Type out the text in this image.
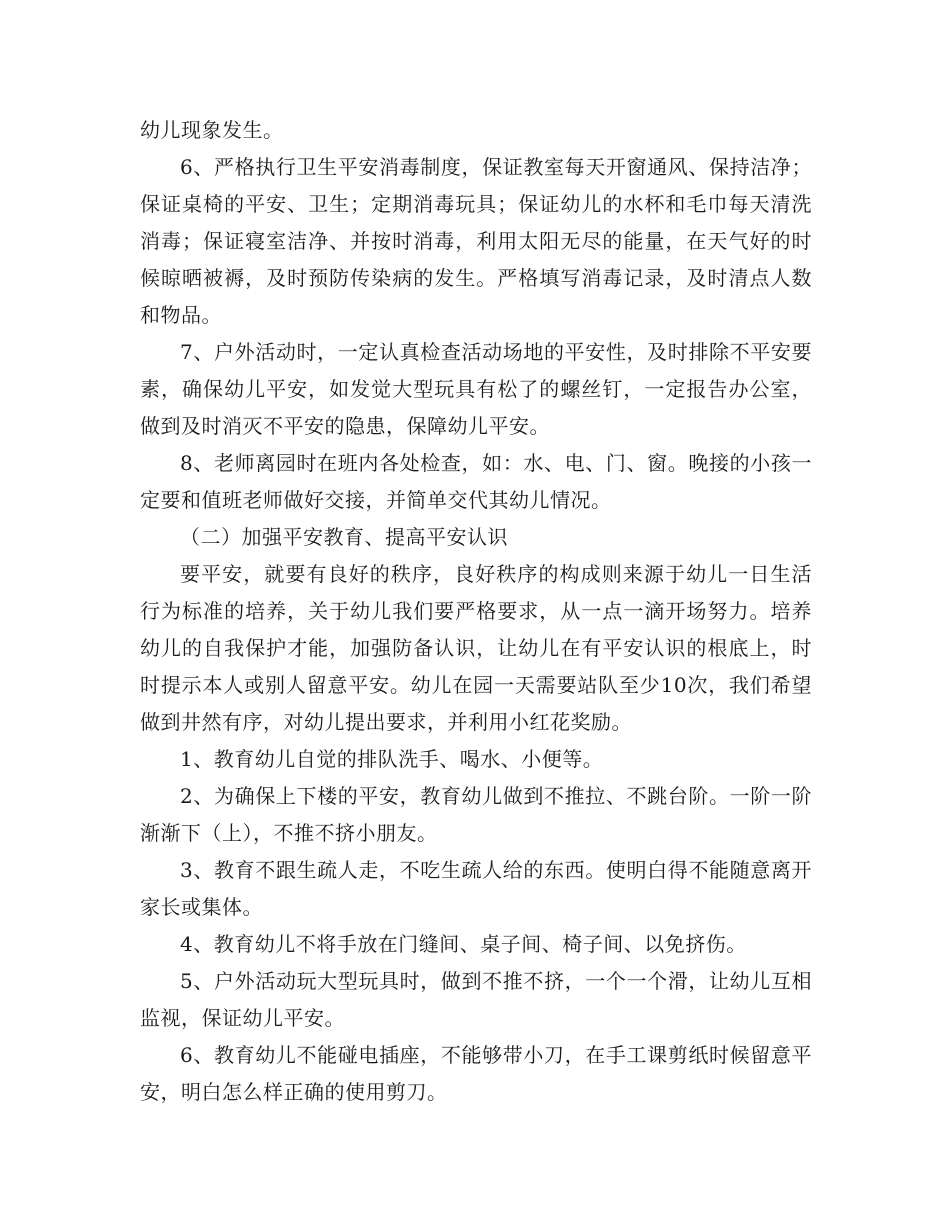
幼儿现象发生。

6、严格执行卫生平安消毒制度，保证教室每天开窗通风、保持洁净；保证桌椅的平安、卫生；定期消毒玩具；保证幼儿的水杯和毛巾每天清洗消毒；保证寝室洁净、并按时消毒，利用太阳无尽的能量，在天气好的时候晾晒被褥，及时预防传染病的发生。严格填写消毒记录，及时清点人数和物品。

7、户外活动时，一定认真检查活动场地的平安性，及时排除不平安要素，确保幼儿平安，如发觉大型玩具有松了的螺丝钉，一定报告办公室，做到及时消灭不平安的隐患，保障幼儿平安。

8、老师离园时在班内各处检查，如：水、电、门、窗。晚接的小孩一定要和值班老师做好交接，并简单交代其幼儿情况。

（二）加强平安教育、提高平安认识

要平安，就要有良好的秩序，良好秩序的构成则来源于幼儿一日生活行为标准的培养，关于幼儿我们要严格要求，从一点一滴开场努力。培养幼儿的自我保护才能，加强防备认识，让幼儿在有平安认识的根底上，时时提示本人或别人留意平安。幼儿在园一天需要站队至少10次，我们希望做到井然有序，对幼儿提出要求，并利用小红花奖励。

1、教育幼儿自觉的排队洗手、喝水、小便等。

2、为确保上下楼的平安，教育幼儿做到不推拉、不跳台阶。一阶一阶渐渐下（上），不推不挤小朋友。

3、教育不跟生疏人走，不吃生疏人给的东西。使明白得不能随意离开家长或集体。

4、教育幼儿不将手放在门缝间、桌子间、椅子间、以免挤伤。

5、户外活动玩大型玩具时，做到不推不挤，一个一个滑，让幼儿互相监视，保证幼儿平安。

6、教育幼儿不能碰电插座，不能够带小刀，在手工课剪纸时候留意平安，明白怎么样正确的使用剪刀。
